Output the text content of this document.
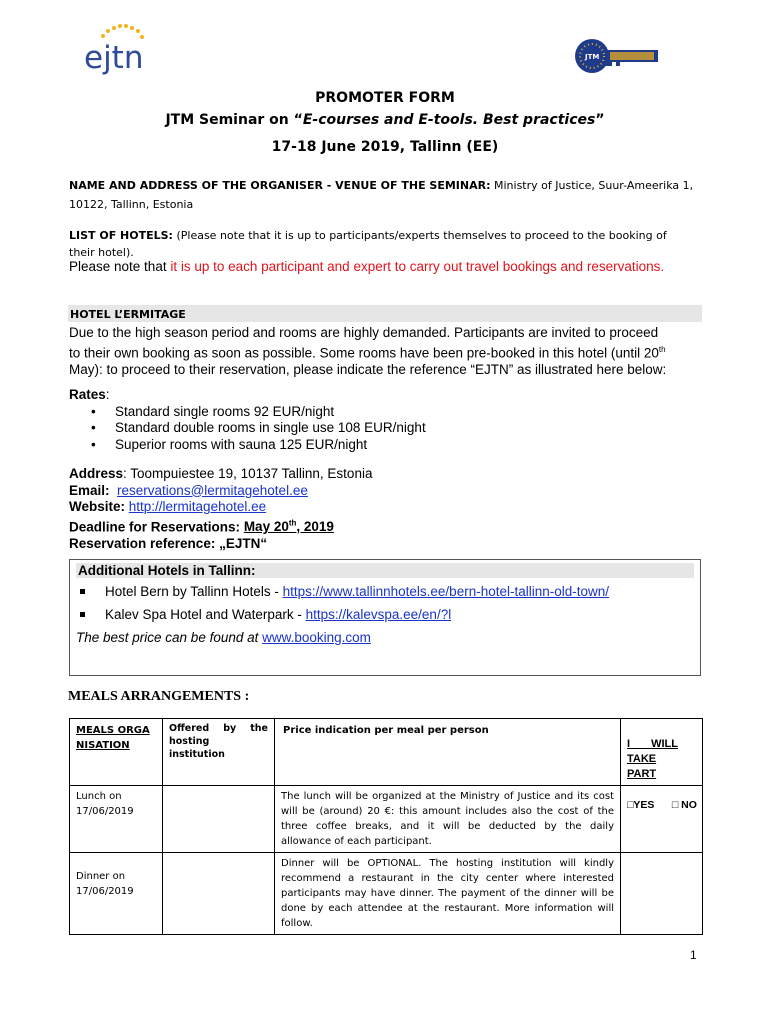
ejtn	JTM
PROMOTER FORM
JTM Seminar on “E-courses and E-tools. Best practices”
17-18 June 2019, Tallinn (EE)
NAME AND ADDRESS OF THE ORGANISER - VENUE OF THE SEMINAR: Ministry of Justice, Suur-Ameerika 1,
10122, Tallinn, Estonia
LIST OF HOTELS: (Please note that it is up to participants/experts themselves to proceed to the booking of
their hotel).
Please note that it is up to each participant and expert to carry out travel bookings and reservations.
HOTEL L’ERMITAGE
Due to the high season period and rooms are highly demanded. Participants are invited to proceed
to their own booking as soon as possible. Some rooms have been pre-booked in this hotel (until 20th
May): to proceed to their reservation, please indicate the reference “EJTN” as illustrated here below:
Rates:
• Standard single rooms 92 EUR/night
• Standard double rooms in single use 108 EUR/night
• Superior rooms with sauna 125 EUR/night
Address: Toompuiestee 19, 10137 Tallinn, Estonia
Email: reservations@lermitagehotel.ee
Website: http://lermitagehotel.ee
Deadline for Reservations: May 20th, 2019
Reservation reference: „EJTN“
Additional Hotels in Tallinn:
Hotel Bern by Tallinn Hotels - https://www.tallinnhotels.ee/bern-hotel-tallinn-old-town/
Kalev Spa Hotel and Waterpark - https://kalevspa.ee/en/?l
The best price can be found at www.booking.com
MEALS ARRANGEMENTS :
MEALS ORGANISATION	Offered by the hosting institution	Price indication per meal per person	I WILL TAKE PART
Lunch on 17/06/2019		The lunch will be organized at the Ministry of Justice and its cost will be (around) 20 €: this amount includes also the cost of the three coffee breaks, and it will be deducted by the daily allowance of each participant.	□YES □ NO
Dinner on 17/06/2019		Dinner will be OPTIONAL. The hosting institution will kindly recommend a restaurant in the city center where interested participants may have dinner. The payment of the dinner will be done by each attendee at the restaurant. More information will follow.	
1
